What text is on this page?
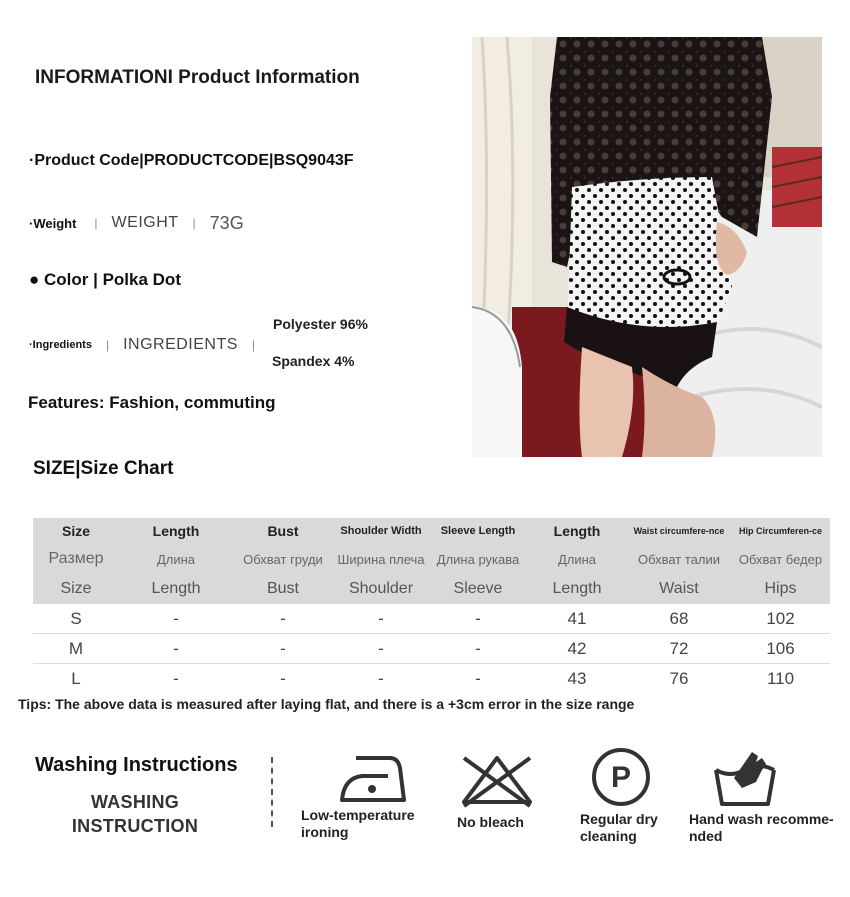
INFORMATIONI Product Information
·Product Code|PRODUCTCODE|BSQ9043F
·Weight | WEIGHT | 73G
● Color | Polka Dot
·Ingredients | INGREDIENTS |
Polyester 96%
Spandex 4%
Features: Fashion, commuting
SIZE|Size Chart
Size	Length	Bust	Shoulder Width	Sleeve Length	Length	Waist circumfere-nce	Hip Circumferen-ce
Размер	Длина	Обхват груди	Ширина плеча	Длина рукава	Длина	Обхват талии	Обхват бедер
Size	Length	Bust	Shoulder	Sleeve	Length	Waist	Hips
S	-	-	-	-	41	68	102
M	-	-	-	-	42	72	106
L	-	-	-	-	43	76	110
Tips: The above data is measured after laying flat, and there is a +3cm error in the size range
Washing Instructions
WASHING
INSTRUCTION
Low-temperature
ironing
No bleach
P
Regular dry
cleaning
Hand wash recomme-
nded
